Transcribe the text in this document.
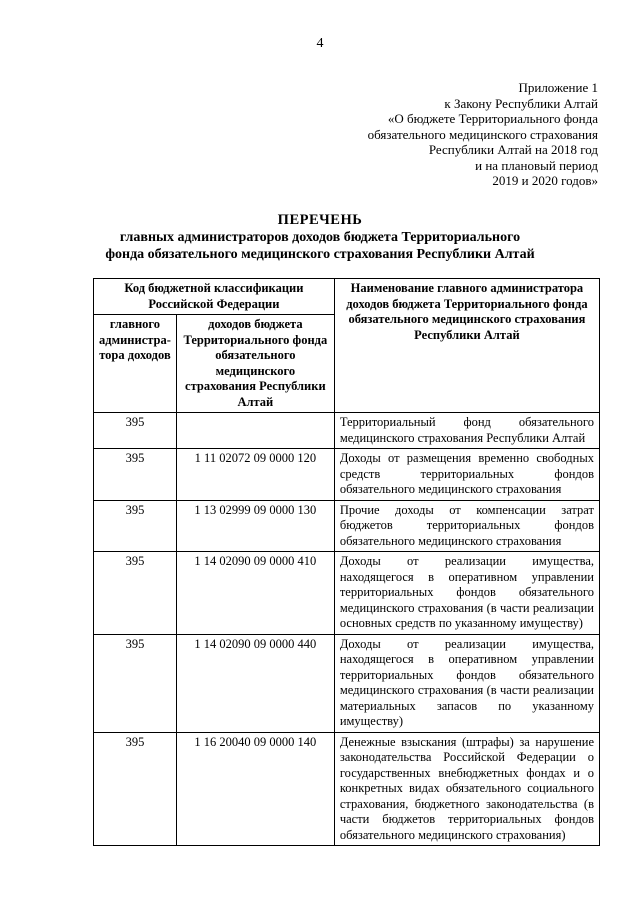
4
Приложение 1
к Закону Республики Алтай
«О бюджете Территориального фонда
обязательного медицинского страхования
Республики Алтай на 2018 год
и на плановый период
2019 и 2020 годов»
ПЕРЕЧЕНЬ
главных администраторов доходов бюджета Территориального
фонда обязательного медицинского страхования Республики Алтай
Код бюджетной классификации Российской Федерации		Наименование главного администратора доходов бюджета Территориального фонда обязательного медицинского страхования Республики Алтай
главного администра-тора доходов	доходов бюджета Территориального фонда обязательного медицинского страхования Республики Алтай	
395		Территориальный фонд обязательного медицинского страхования Республики Алтай
395	1 11 02072 09 0000 120	Доходы от размещения временно свободных средств территориальных фондов обязательного медицинского страхования
395	1 13 02999 09 0000 130	Прочие доходы от компенсации затрат бюджетов территориальных фондов обязательного медицинского страхования
395	1 14 02090 09 0000 410	Доходы от реализации имущества, находящегося в оперативном управлении территориальных фондов обязательного медицинского страхования (в части реализации основных средств по указанному имуществу)
395	1 14 02090 09 0000 440	Доходы от реализации имущества, находящегося в оперативном управлении территориальных фондов обязательного медицинского страхования (в части реализации материальных запасов по указанному имуществу)
395	1 16 20040 09 0000 140	Денежные взыскания (штрафы) за нарушение законодательства Российской Федерации о государственных внебюджетных фондах и о конкретных видах обязательного социального страхования, бюджетного законодательства (в части бюджетов территориальных фондов обязательного медицинского страхования)
